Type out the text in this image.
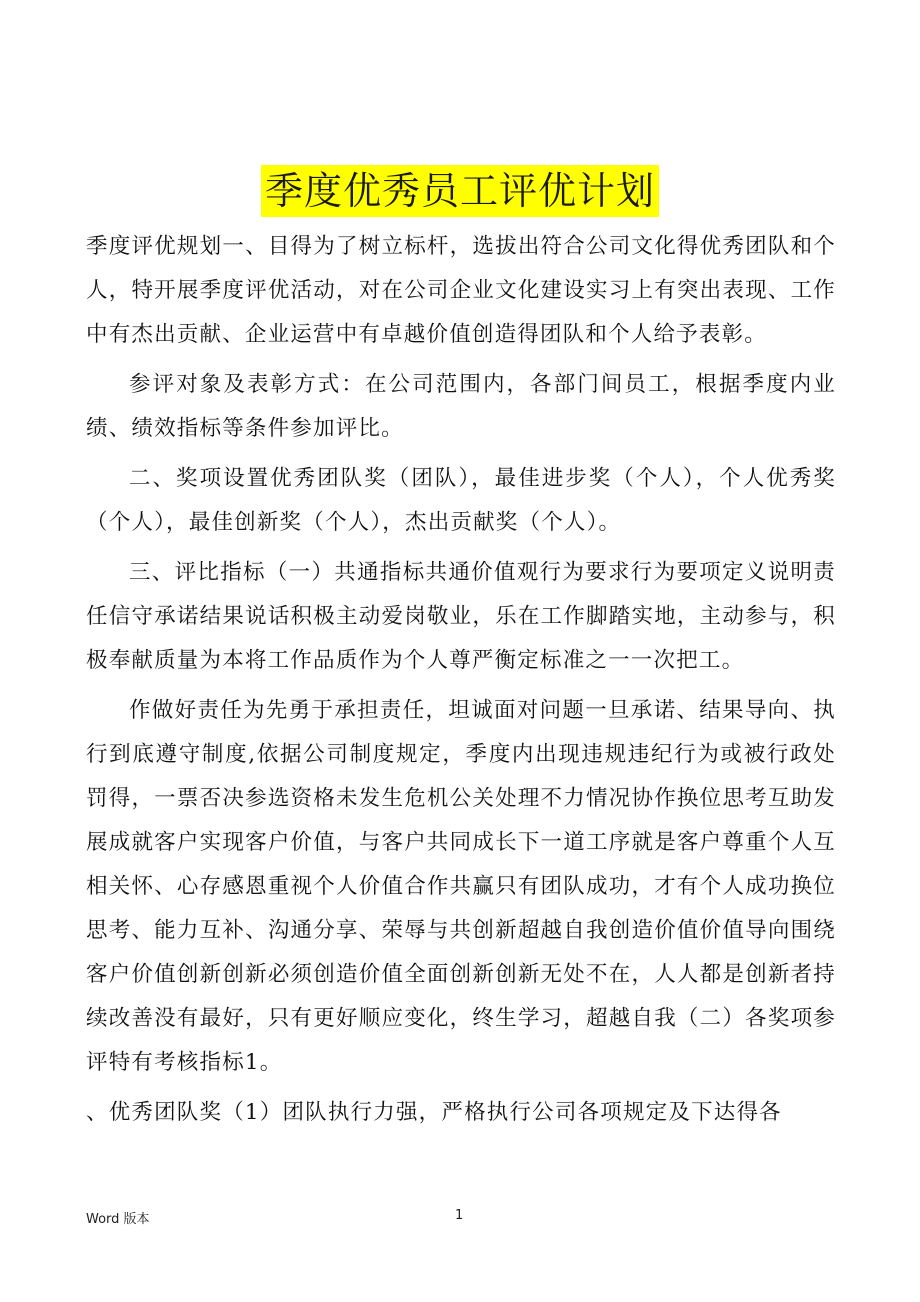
季度优秀员工评优计划

季度评优规划一、目得为了树立标杆，选拔出符合公司文化得优秀团队和个人，特开展季度评优活动，对在公司企业文化建设实习上有突出表现、工作中有杰出贡献、企业运营中有卓越价值创造得团队和个人给予表彰。

参评对象及表彰方式：在公司范围内，各部门间员工，根据季度内业绩、绩效指标等条件参加评比。

二、奖项设置优秀团队奖（团队），最佳进步奖（个人），个人优秀奖（个人），最佳创新奖（个人），杰出贡献奖（个人）。

三、评比指标（一）共通指标共通价值观行为要求行为要项定义说明责任信守承诺结果说话积极主动爱岗敬业，乐在工作脚踏实地，主动参与，积极奉献质量为本将工作品质作为个人尊严衡定标准之一一次把工。

作做好责任为先勇于承担责任，坦诚面对问题一旦承诺、结果导向、执行到底遵守制度,依据公司制度规定，季度内出现违规违纪行为或被行政处罚得，一票否决参选资格未发生危机公关处理不力情况协作换位思考互助发展成就客户实现客户价值，与客户共同成长下一道工序就是客户尊重个人互相关怀、心存感恩重视个人价值合作共赢只有团队成功，才有个人成功换位思考、能力互补、沟通分享、荣辱与共创新超越自我创造价值价值导向围绕客户价值创新创新必须创造价值全面创新创新无处不在，人人都是创新者持续改善没有最好，只有更好顺应变化，终生学习，超越自我（二）各奖项参评特有考核指标1。

、优秀团队奖（1）团队执行力强，严格执行公司各项规定及下达得各

Word 版本	1
